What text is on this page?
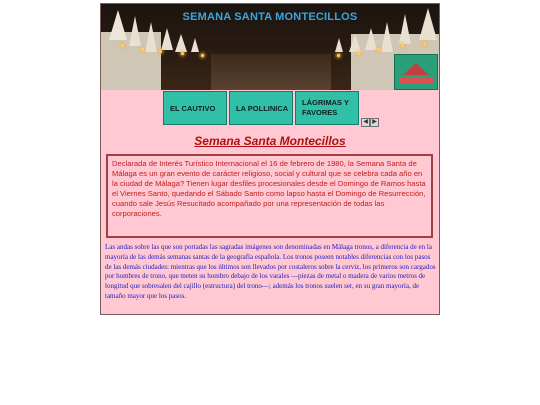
SEMANA SANTA MONTECILLOS
EL CAUTIVO	LA POLLINICA
LÁGRIMAS Y FAVORES
◀ ▶
Semana Santa Montecillos
Declarada de Interés Turístico Internacional el 16 de febrero de 1980, la Semana Santa de Málaga es un gran evento de carácter religioso, social y cultural que se celebra cada año en la ciudad de Málaga? Tienen lugar desfiles procesionales desde el Domingo de Ramos hasta el Viernes Santo, quedando el Sábado Santo como lapso hasta el Domingo de Resurrección, cuando sale Jesús Resucitado acompañado por una representación de todas las corporaciones.
Las andas sobre las que son portadas las sagradas imágenes son denominadas en Málaga tronos, a diferencia de en la mayoría de las demás semanas santas de la geografía española. Los tronos poseen notables diferencias con los pasos de las demás ciudades: mientras que los últimos son llevados por costaleros sobre la cerviz, los primeros son cargados por hombres de trono, que meten su hombro debajo de los varales —piezas de metal o madera de varios metros de longitud que sobresalen del cajillo (estructura) del trono—; además los tronos suelen ser, en su gran mayoría, de tamaño mayor que los pasos.
